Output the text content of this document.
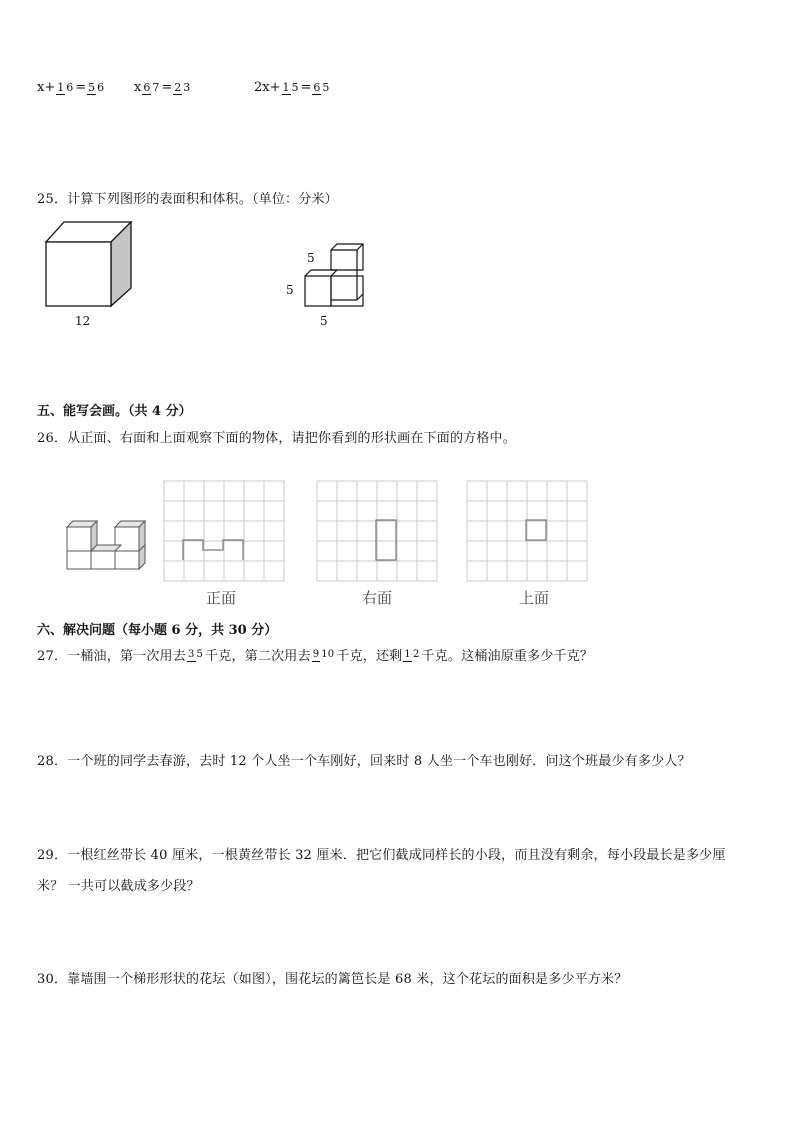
x+ 1 6 = 5 6 x 6 7 = 2 3	2x+ 1 5 = 6 5
25．计算下列图形的表面积和体积。（单位：分米）
12
5
5
5
五、能写会画。（共 4 分）
26．从正面、右面和上面观察下面的物体，请把你看到的形状画在下面的方格中。
正面	右面	上面
六、解决问题（每小题 6 分，共 30 分）
27．一桶油，第一次用去 3 5 千克，第二次用去 9 10 千克，还剩 1 2 千克。这桶油原重多少千克？
28．一个班的同学去春游，去时 12 个人坐一个车刚好，回来时 8 人坐一个车也刚好．问这个班最少有多少人？
29．一根红丝带长 40 厘米，一根黄丝带长 32 厘米．把它们截成同样长的小段，而且没有剩余，每小段最长是多少厘
米？ 一共可以截成多少段？
30．靠墙围一个梯形形状的花坛（如图），围花坛的篱笆长是 68 米，这个花坛的面积是多少平方米？
